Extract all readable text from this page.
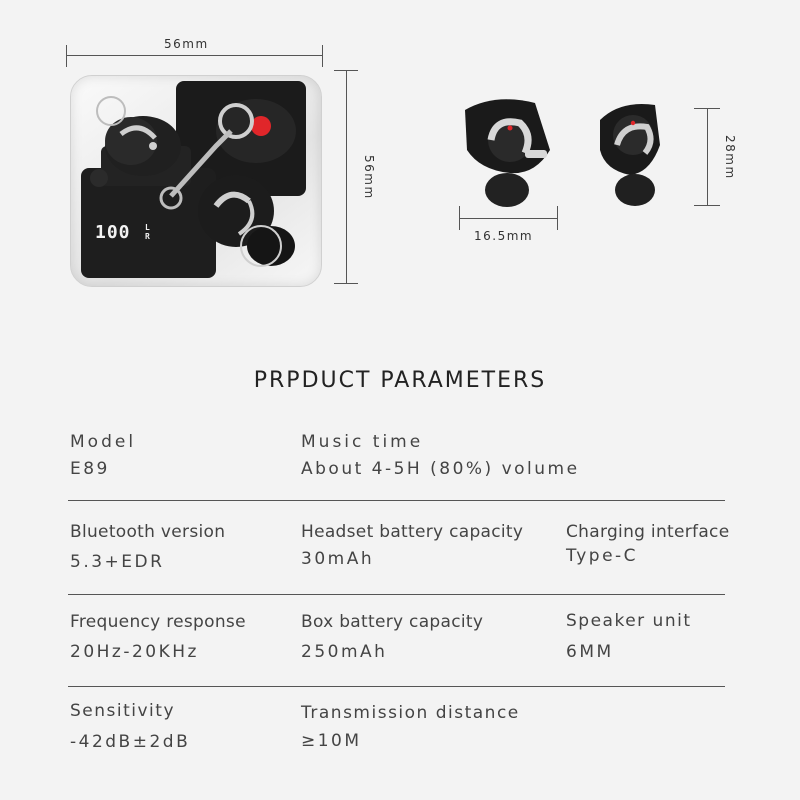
56mm
56mm
100 LR	16.5mm
28mm
PRPDUCT PARAMETERS
Model
E89
Music time
About 4-5H (80%) volume
Bluetooth version
5.3+EDR
Headset battery capacity
30mAh
Charging interface
Type-C
Frequency response
20Hz-20KHz
Box battery capacity
250mAh
Speaker unit
6MM
Sensitivity
-42dB±2dB
Transmission distance
≥10M
